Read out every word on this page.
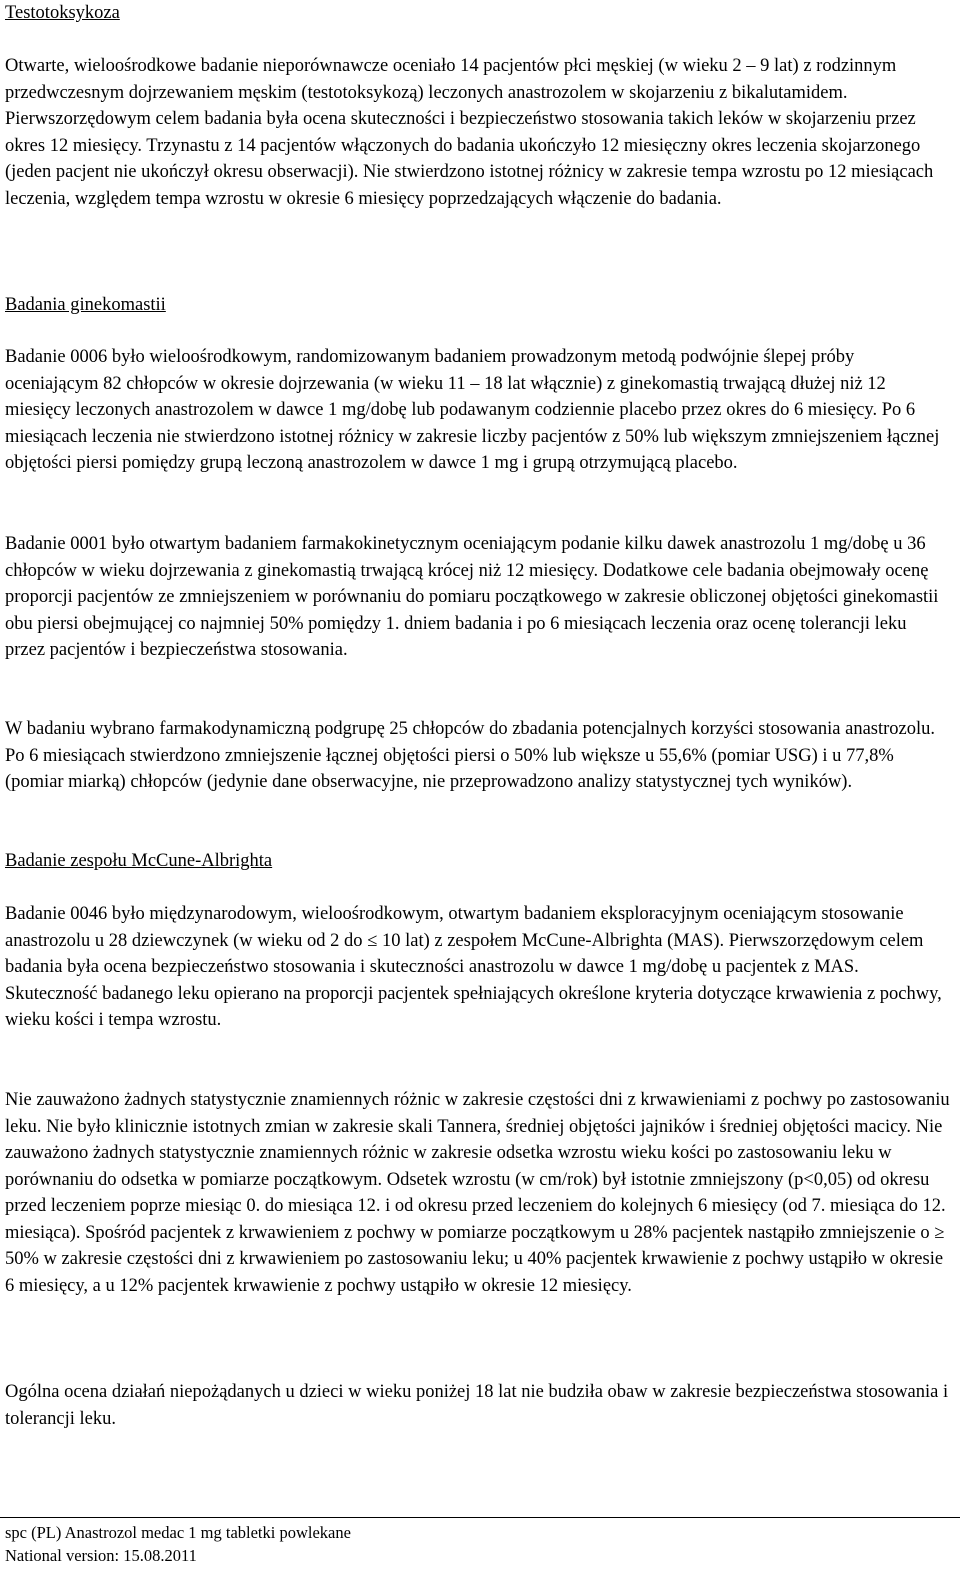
Testotoksykoza

Otwarte, wieloośrodkowe badanie nieporównawcze oceniało 14 pacjentów płci męskiej (w wieku 2 – 9 lat) z rodzinnym przedwczesnym dojrzewaniem męskim (testotoksykozą) leczonych anastrozolem w skojarzeniu z bikalutamidem. Pierwszorzędowym celem badania była ocena skuteczności i bezpieczeństwo stosowania takich leków w skojarzeniu przez okres 12 miesięcy. Trzynastu z 14 pacjentów włączonych do badania ukończyło 12 miesięczny okres leczenia skojarzonego (jeden pacjent nie ukończył okresu obserwacji). Nie stwierdzono istotnej różnicy w zakresie tempa wzrostu po 12 miesiącach leczenia, względem tempa wzrostu w okresie 6 miesięcy poprzedzających włączenie do badania.

Badania ginekomastii

Badanie 0006 było wieloośrodkowym, randomizowanym badaniem prowadzonym metodą podwójnie ślepej próby oceniającym 82 chłopców w okresie dojrzewania (w wieku 11 – 18 lat włącznie) z ginekomastią trwającą dłużej niż 12 miesięcy leczonych anastrozolem w dawce 1 mg/dobę lub podawanym codziennie placebo przez okres do 6 miesięcy. Po 6 miesiącach leczenia nie stwierdzono istotnej różnicy w zakresie liczby pacjentów z 50% lub większym zmniejszeniem łącznej objętości piersi pomiędzy grupą leczoną anastrozolem w dawce 1 mg i grupą otrzymującą placebo.

Badanie 0001 było otwartym badaniem farmakokinetycznym oceniającym podanie kilku dawek anastrozolu 1 mg/dobę u 36 chłopców w wieku dojrzewania z ginekomastią trwającą krócej niż 12 miesięcy. Dodatkowe cele badania obejmowały ocenę proporcji pacjentów ze zmniejszeniem w porównaniu do pomiaru początkowego w zakresie obliczonej objętości ginekomastii obu piersi obejmującej co najmniej 50% pomiędzy 1. dniem badania i po 6 miesiącach leczenia oraz ocenę tolerancji leku przez pacjentów i bezpieczeństwa stosowania.

W badaniu wybrano farmakodynamiczną podgrupę 25 chłopców do zbadania potencjalnych korzyści stosowania anastrozolu. Po 6 miesiącach stwierdzono zmniejszenie łącznej objętości piersi o 50% lub większe u 55,6% (pomiar USG) i u 77,8% (pomiar miarką) chłopców (jedynie dane obserwacyjne, nie przeprowadzono analizy statystycznej tych wyników).

Badanie zespołu McCune-Albrighta

Badanie 0046 było międzynarodowym, wieloośrodkowym, otwartym badaniem eksploracyjnym oceniającym stosowanie anastrozolu u 28 dziewczynek (w wieku od 2 do ≤ 10 lat) z zespołem McCune-Albrighta (MAS). Pierwszorzędowym celem badania była ocena bezpieczeństwo stosowania i skuteczności anastrozolu w dawce 1 mg/dobę u pacjentek z MAS. Skuteczność badanego leku opierano na proporcji pacjentek spełniających określone kryteria dotyczące krwawienia z pochwy, wieku kości i tempa wzrostu.

Nie zauważono żadnych statystycznie znamiennych różnic w zakresie częstości dni z krwawieniami z pochwy po zastosowaniu leku. Nie było klinicznie istotnych zmian w zakresie skali Tannera, średniej objętości jajników i średniej objętości macicy. Nie zauważono żadnych statystycznie znamiennych różnic w zakresie odsetka wzrostu wieku kości po zastosowaniu leku w porównaniu do odsetka w pomiarze początkowym. Odsetek wzrostu (w cm/rok) był istotnie zmniejszony (p<0,05) od okresu przed leczeniem poprze miesiąc 0. do miesiąca 12. i od okresu przed leczeniem do kolejnych 6 miesięcy (od 7. miesiąca do 12. miesiąca). Spośród pacjentek z krwawieniem z pochwy w pomiarze początkowym u 28% pacjentek nastąpiło zmniejszenie o ≥ 50% w zakresie częstości dni z krwawieniem po zastosowaniu leku; u 40% pacjentek krwawienie z pochwy ustąpiło w okresie 6 miesięcy, a u 12% pacjentek krwawienie z pochwy ustąpiło w okresie 12 miesięcy.

Ogólna ocena działań niepożądanych u dzieci w wieku poniżej 18 lat nie budziła obaw w zakresie bezpieczeństwa stosowania i tolerancji leku.

spc (PL) Anastrozol medac 1 mg tabletki powlekane
National version: 15.08.2011
